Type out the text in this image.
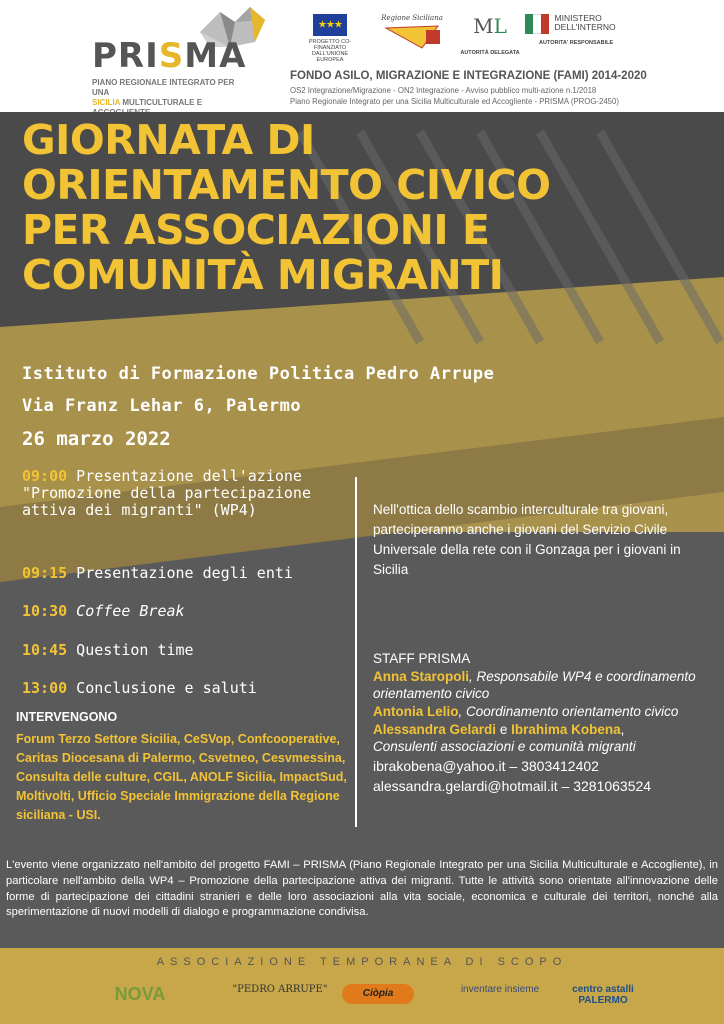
PRISMA
PIANO REGIONALE INTEGRATO PER UNA
SICILIA MULTICULTURALE E
★★★
PROGETTO CO-FINANZIATO DALL'UNIONE EUROPEA
Regione Siciliana	ML
AUTORITÀ DELEGATA
MINISTERO
DELL'INTERNO
AUTORITA' RESPONSABILE
FONDO ASILO, MIGRAZIONE E INTEGRAZIONE (FAMI) 2014-2020
OS2 Integrazione/Migrazione - ON2 Integrazione - Avviso pubblico multi-azione n.1/2018
Piano Regionale Integrato per una Sicilia Multiculturale ed Accogliente - PRISMA (PROG-2450)
GIORNATA DI
ORIENTAMENTO CIVICO
PER ASSOCIAZIONI E
COMUNITÀ MIGRANTI
Istituto di Formazione Politica Pedro Arrupe
Via Franz Lehar 6, Palermo
26 marzo 2022
09:00 Presentazione dell'azione "Promozione della partecipazione attiva dei migranti" (WP4)
09:15 Presentazione degli enti
10:30 Coffee Break
10:45 Question time
13:00 Conclusione e saluti
Nell'ottica dello scambio interculturale tra giovani, parteciperanno anche i giovani del Servizio Civile Universale della rete con il Gonzaga per i giovani in Sicilia

STAFF PRISMA

Anna Staropoli, Responsabile WP4 e coordinamento orientamento civico

Antonia Lelio, Coordinamento orientamento civico

Alessandra Gelardi e Ibrahima Kobena,
Consulenti associazioni e comunità migranti

ibrakobena@yahoo.it – 3803412402
alessandra.gelardi@hotmail.it – 3281063524
INTERVENGONO
Forum Terzo Settore Sicilia, CeSVop, Confcooperative, Caritas Diocesana di Palermo, Csvetneo, Cesvmessina, Consulta delle culture, CGIL, ANOLF Sicilia, ImpactSud, Moltivolti, Ufficio Speciale Immigrazione della Regione siciliana - USI.
L'evento viene organizzato nell'ambito del progetto FAMI – PRISMA (Piano Regionale Integrato per una Sicilia Multiculturale e Accogliente), in particolare nell'ambito della WP4 – Promozione della partecipazione attiva dei migranti. Tutte le attività sono orientate all'innovazione delle forme di partecipazione dei cittadini stranieri e delle loro associazioni alla vita sociale, economica e culturale dei territori, nonché alla sperimentazione di nuovi modelli di dialogo e programmazione condivisa.
ASSOCIAZIONE TEMPORANEA DI SCOPO
NOVA	"PEDRO ARRUPE"	Ciòpia	inventare insieme	centro astalli PALERMO
